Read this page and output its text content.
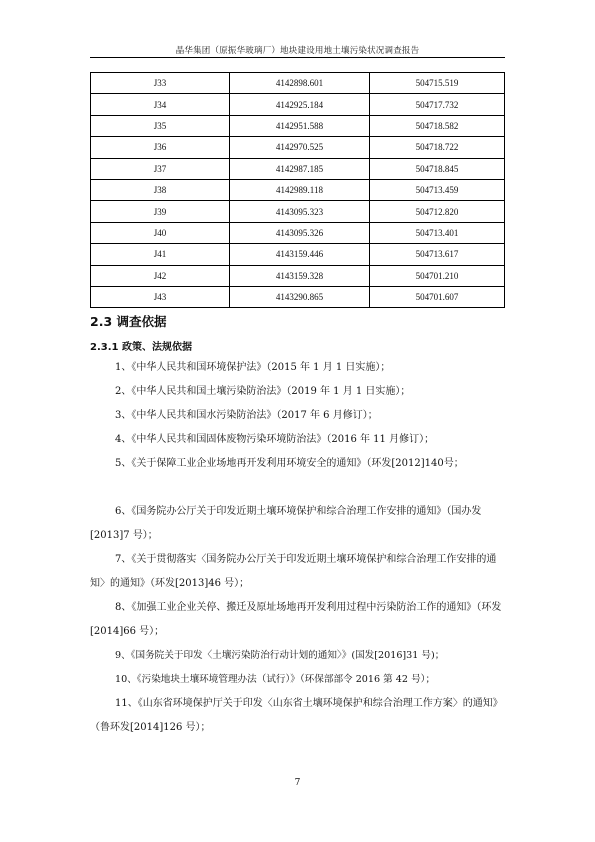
晶华集团（原振华玻璃厂）地块建设用地土壤污染状况调查报告
J33	4142898.601	504715.519
J34	4142925.184	504717.732
J35	4142951.588	504718.582
J36	4142970.525	504718.722
J37	4142987.185	504718.845
J38	4142989.118	504713.459
J39	4143095.323	504712.820
J40	4143095.326	504713.401
J41	4143159.446	504713.617
J42	4143159.328	504701.210
J43	4143290.865	504701.607
2.3 调查依据
2.3.1 政策、法规依据
1、《中华人民共和国环境保护法》（2015 年 1 月 1 日实施）；
2、《中华人民共和国土壤污染防治法》（2019 年 1 月 1 日实施）；
3、《中华人民共和国水污染防治法》（2017 年 6 月修订）；
4、《中华人民共和国固体废物污染环境防治法》（2016 年 11 月修订）；
5、《关于保障工业企业场地再开发利用环境安全的通知》（环发[2012]140号；
6、《国务院办公厅关于印发近期土壤环境保护和综合治理工作安排的通知》（国办发[2013]7 号）；
7、《关于贯彻落实〈国务院办公厅关于印发近期土壤环境保护和综合治理工作安排的通知〉的通知》（环发[2013]46 号）；
8、《加强工业企业关停、搬迁及原址场地再开发利用过程中污染防治工作的通知》（环发[2014]66 号）；
9、《国务院关于印发〈土壤污染防治行动计划的通知〉》(国发[2016]31 号)；
10、《污染地块土壤环境管理办法（试行）》（环保部部令 2016 第 42 号）；
11、《山东省环境保护厅关于印发〈山东省土壤环境保护和综合治理工作方案〉的通知》（鲁环发[2014]126 号）；
7
